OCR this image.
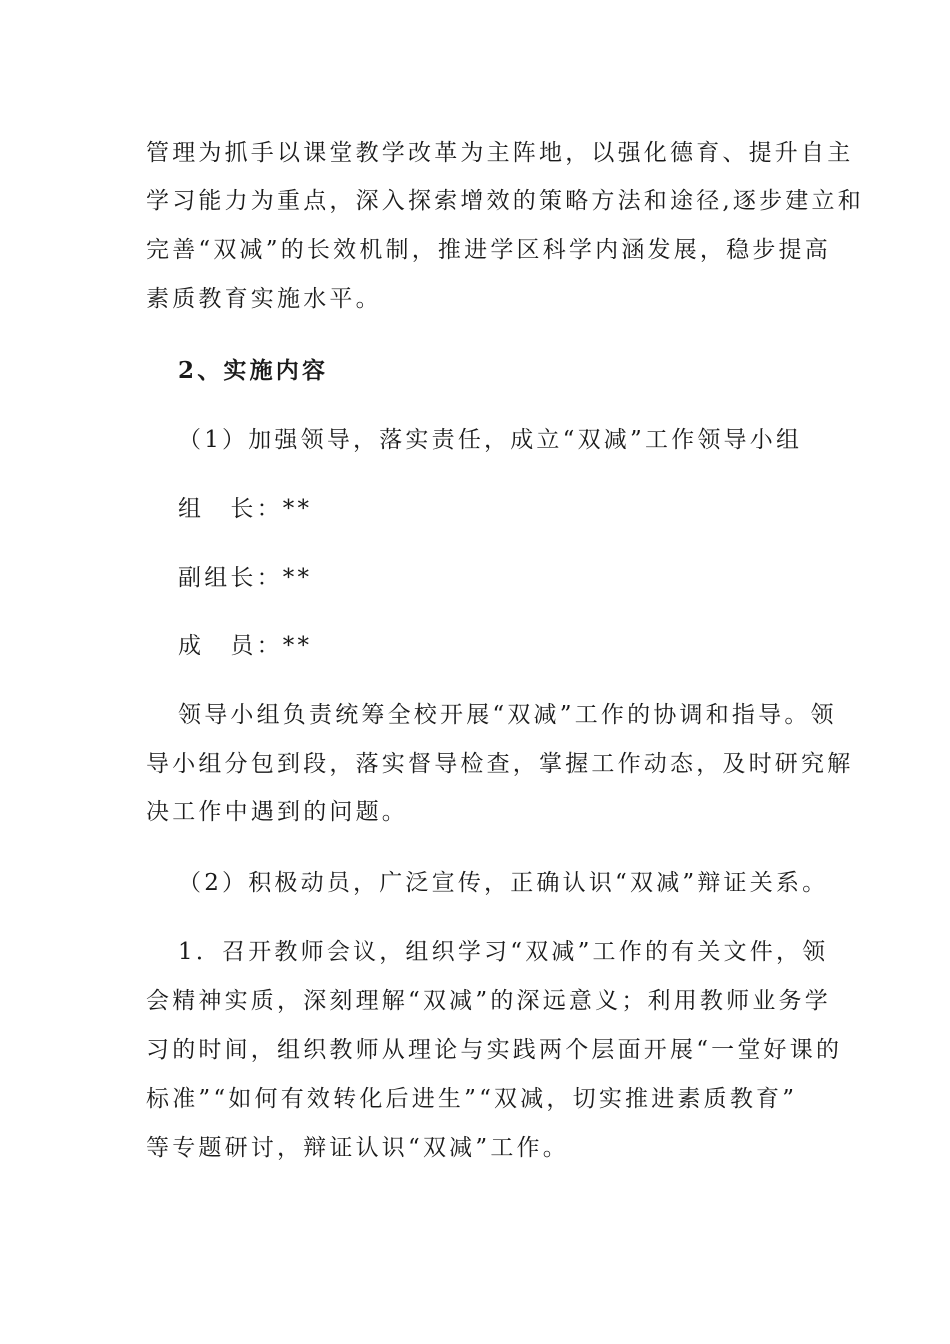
管理为抓手以课堂教学改革为主阵地，以强化德育、提升自主
学习能力为重点，深入探索增效的策略方法和途径,逐步建立和
完善“双减”的长效机制，推进学区科学内涵发展，稳步提高
素质教育实施水平。
2、实施内容
（1）加强领导，落实责任，成立“双减”工作领导小组
组　长：**
副组长：**
成　员：**
领导小组负责统筹全校开展“双减”工作的协调和指导。领
导小组分包到段，落实督导检查，掌握工作动态，及时研究解
决工作中遇到的问题。
（2）积极动员，广泛宣传，正确认识“双减”辩证关系。
1．召开教师会议，组织学习“双减”工作的有关文件，领
会精神实质，深刻理解“双减”的深远意义；利用教师业务学
习的时间，组织教师从理论与实践两个层面开展“一堂好课的
标准”“如何有效转化后进生”“双减，切实推进素质教育”
等专题研讨，辩证认识“双减”工作。
